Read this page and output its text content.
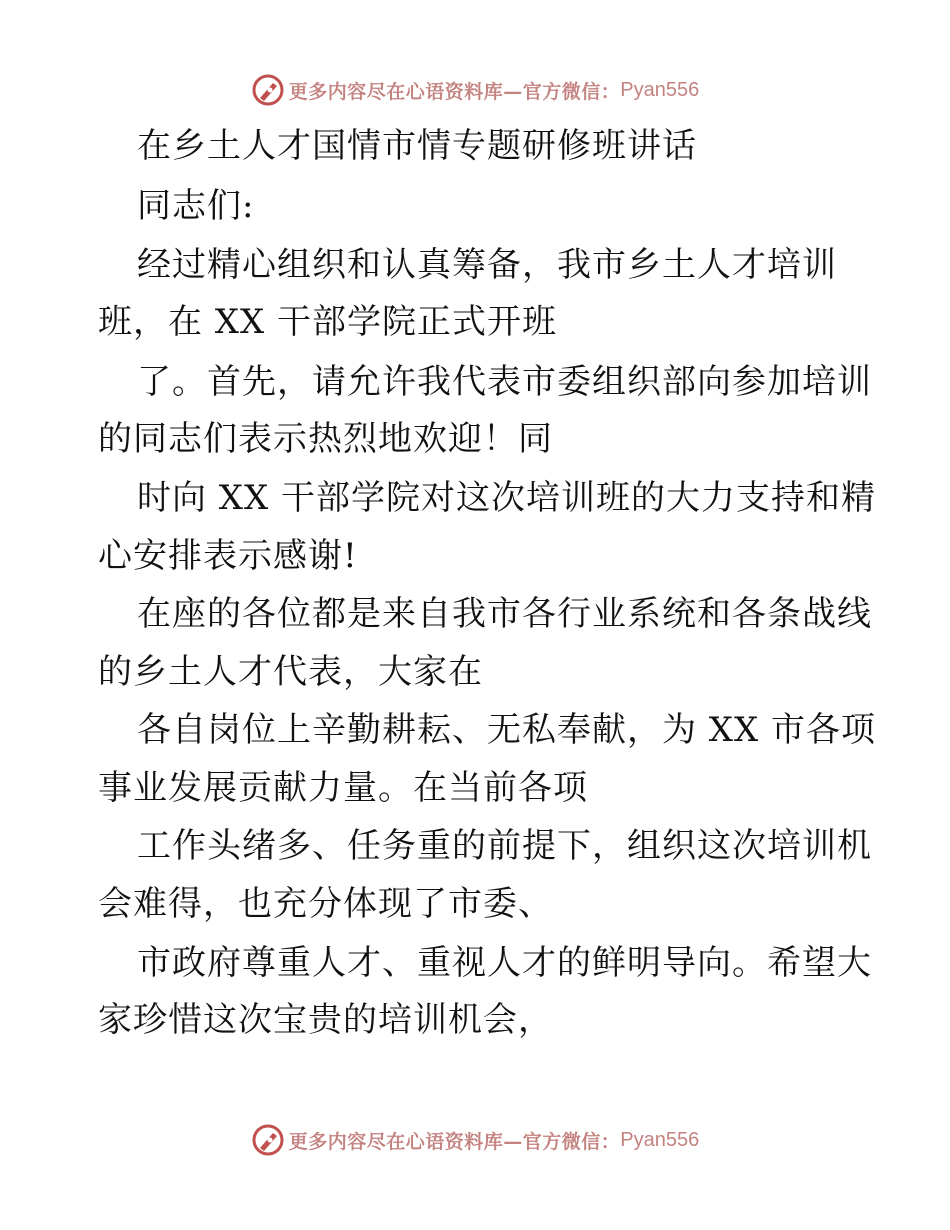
更多内容尽在心语资料库—官方微信： Pyan556
在乡土人才国情市情专题研修班讲话
同志们:
经过精心组织和认真筹备，我市乡土人才培训
班，在 XX 干部学院正式开班
了。首先，请允许我代表市委组织部向参加培训
的同志们表示热烈地欢迎！同
时向 XX 干部学院对这次培训班的大力支持和精
心安排表示感谢!
在座的各位都是来自我市各行业系统和各条战线
的乡土人才代表，大家在
各自岗位上辛勤耕耘、无私奉献，为 XX 市各项
事业发展贡献力量。在当前各项
工作头绪多、任务重的前提下，组织这次培训机
会难得，也充分体现了市委、
市政府尊重人才、重视人才的鲜明导向。希望大
家珍惜这次宝贵的培训机会，
更多内容尽在心语资料库—官方微信： Pyan556
